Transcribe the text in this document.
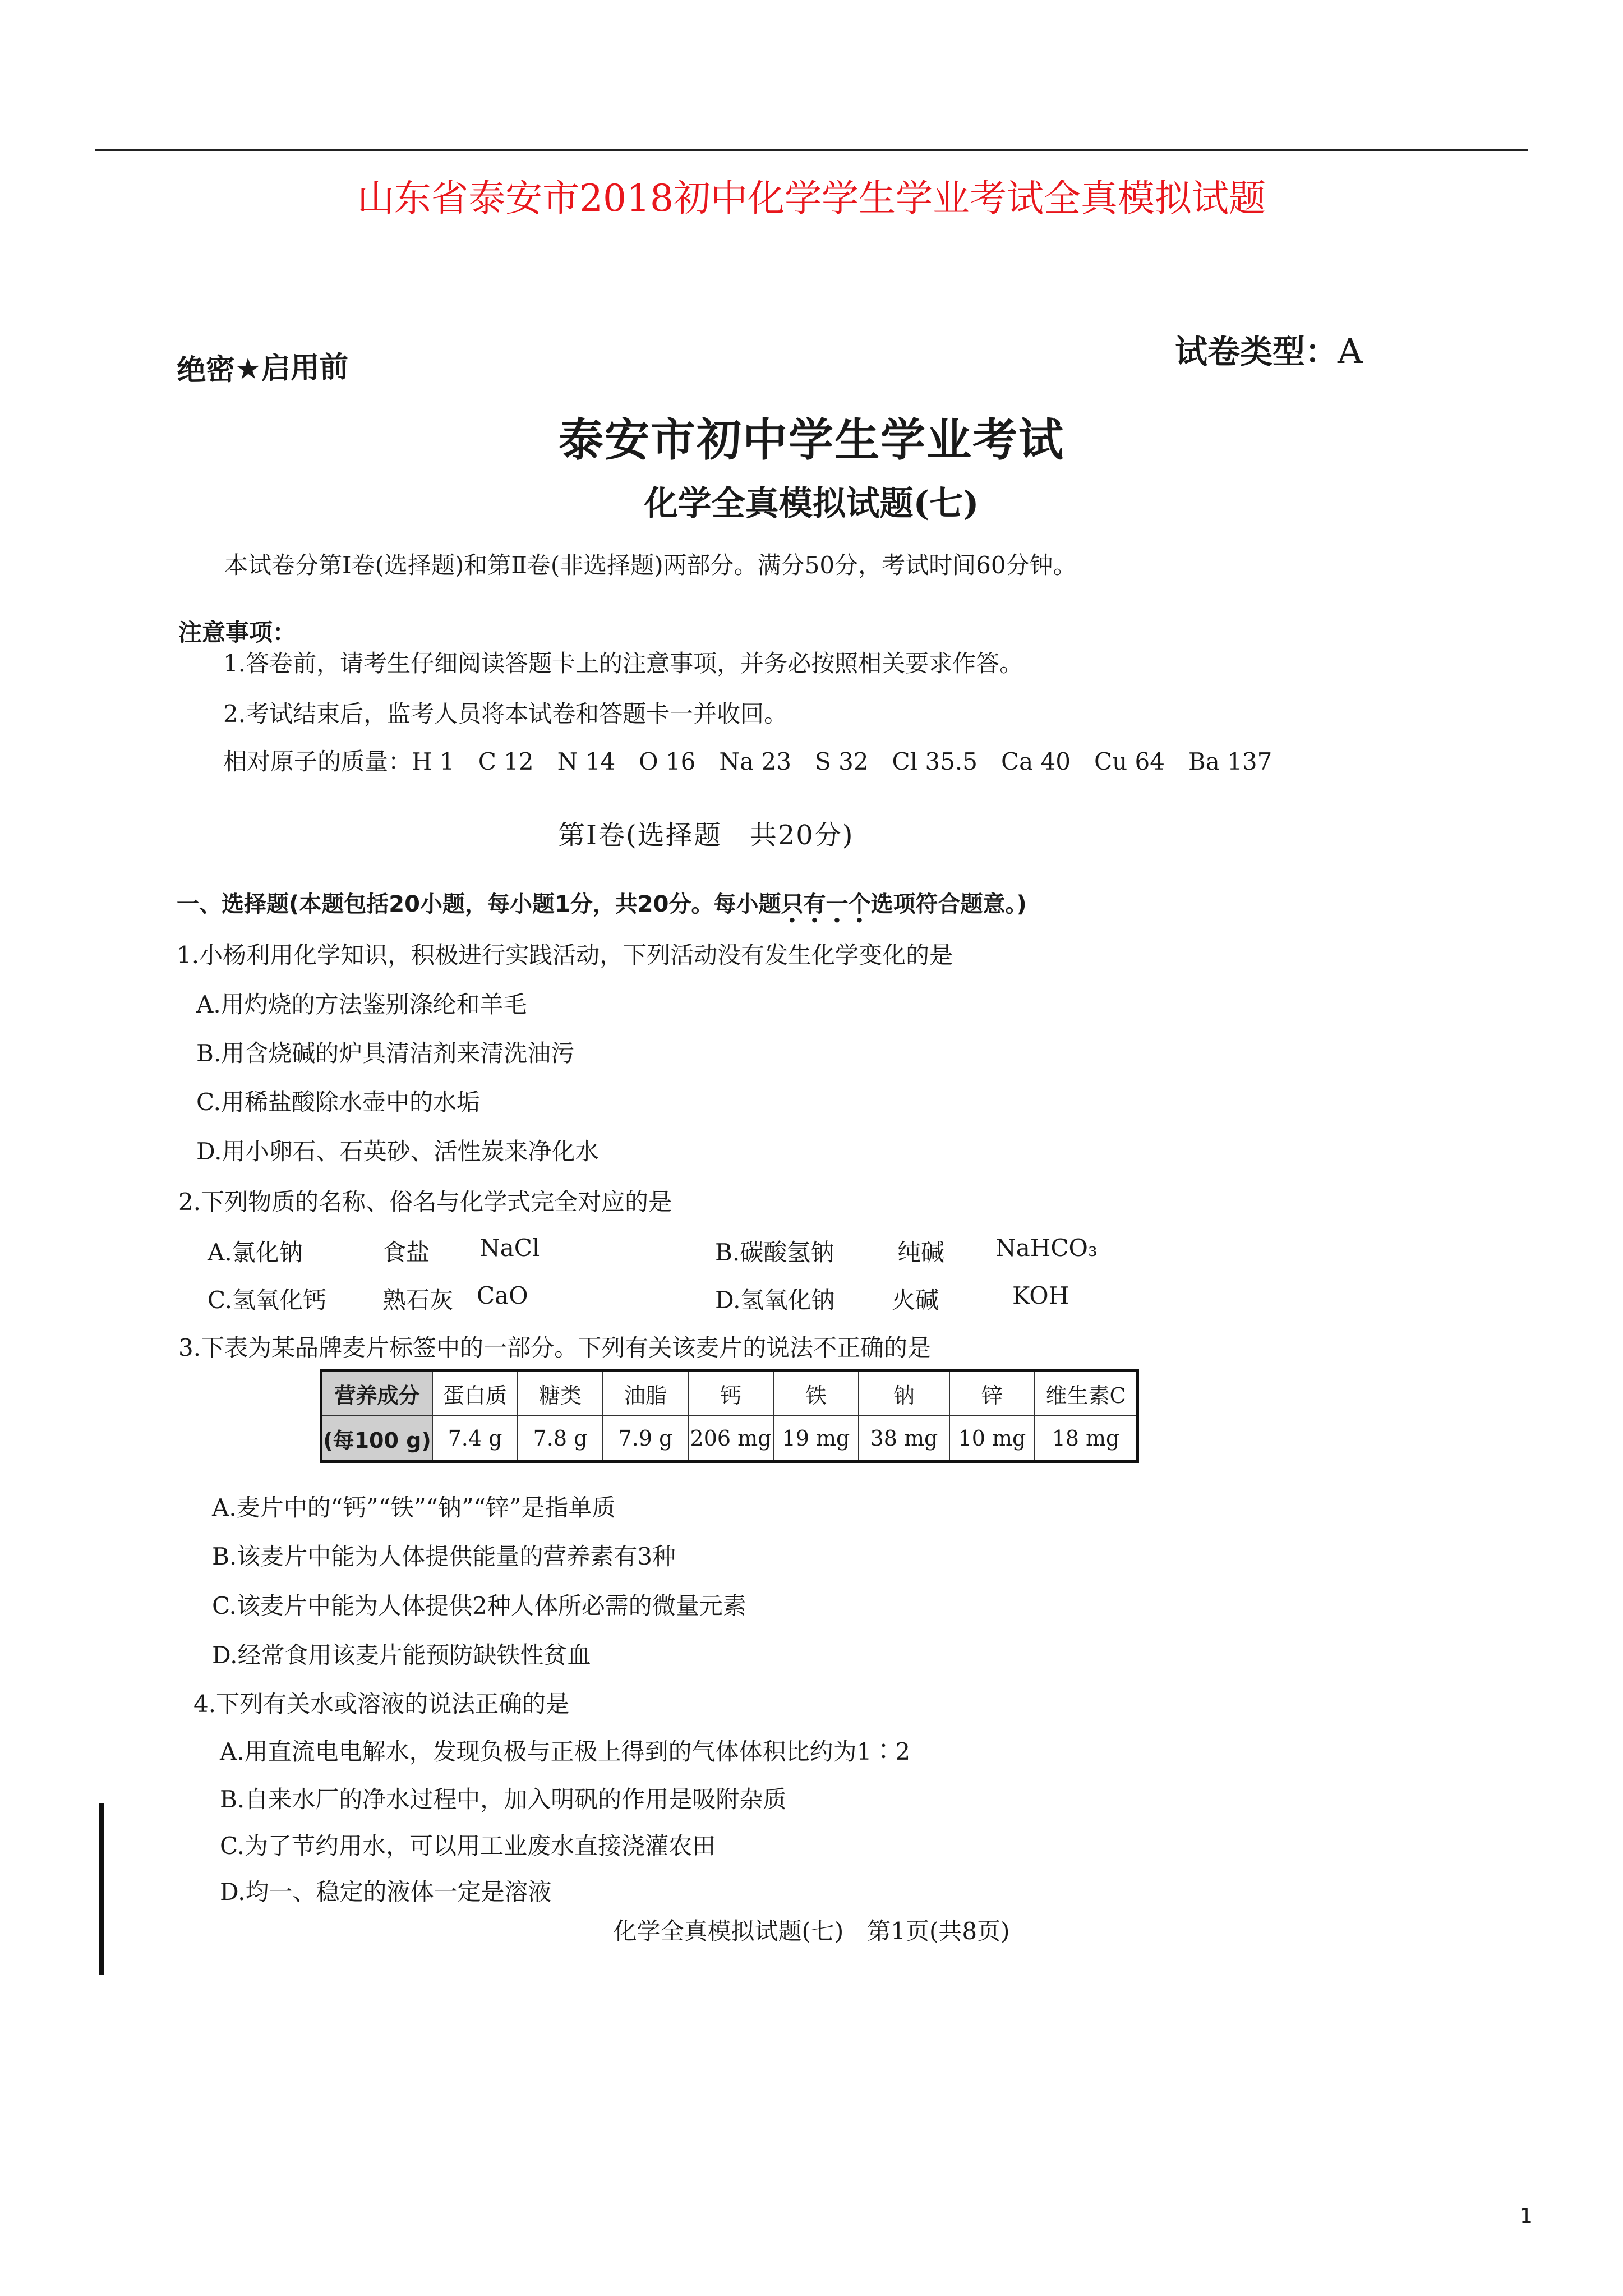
山东省泰安市2018初中化学学生学业考试全真模拟试题
绝密★启用前	试卷类型：A
泰安市初中学生学业考试
化学全真模拟试题(七)
本试卷分第Ⅰ卷(选择题)和第Ⅱ卷(非选择题)两部分。满分50分，考试时间60分钟。
注意事项：
1.答卷前，请考生仔细阅读答题卡上的注意事项，并务必按照相关要求作答。
2.考试结束后，监考人员将本试卷和答题卡一并收回。
相对原子的质量：H 1　C 12　N 14　O 16　Na 23　S 32　Cl 35.5　Ca 40　Cu 64　Ba 137
第Ⅰ卷(选择题　共20分)
一、选择题(本题包括20小题，每小题1分，共20分。每小题只有一个选项符合题意。)
1.小杨利用化学知识，积极进行实践活动，下列活动没有发生化学变化的是
A.用灼烧的方法鉴别涤纶和羊毛
B.用含烧碱的炉具清洁剂来清洗油污
C.用稀盐酸除水壶中的水垢
D.用小卵石、石英砂、活性炭来净化水
2.下列物质的名称、俗名与化学式完全对应的是
A.氯化钠	食盐 NaCl	B.碳酸氢钠	纯碱 NaHCO₃
C.氢氧化钙 熟石灰 CaO	D.氢氧化钠 火碱	KOH
3.下表为某品牌麦片标签中的一部分。下列有关该麦片的说法不正确的是
营养成分	蛋白质	糖类	油脂	钙	铁	钠	锌	维生素C
(每100 g)	7.4 g	7.8 g	7.9 g	206 mg	19 mg	38 mg	10 mg	18 mg
A.麦片中的“钙”“铁”“钠”“锌”是指单质
B.该麦片中能为人体提供能量的营养素有3种
C.该麦片中能为人体提供2种人体所必需的微量元素
D.经常食用该麦片能预防缺铁性贫血
4.下列有关水或溶液的说法正确的是
A.用直流电电解水，发现负极与正极上得到的气体体积比约为1∶2
B.自来水厂的净水过程中，加入明矾的作用是吸附杂质
C.为了节约用水，可以用工业废水直接浇灌农田
D.均一、稳定的液体一定是溶液
化学全真模拟试题(七)　第1页(共8页)
1
